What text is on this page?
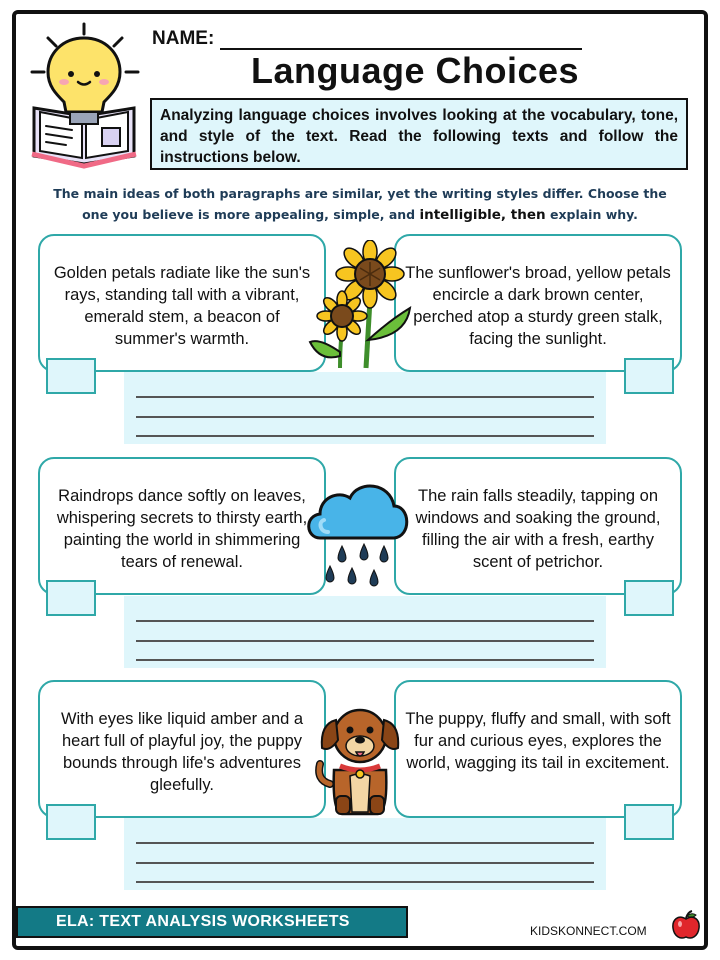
NAME:
Language Choices
Analyzing language choices involves looking at the vocabulary, tone, and style of the text. Read the following texts and follow the instructions below.
The main ideas of both paragraphs are similar, yet the writing styles differ. Choose the one you believe is more appealing, simple, and intelligible, then explain why.
Golden petals radiate like the sun's rays, standing tall with a vibrant, emerald stem, a beacon of summer's warmth.
The sunflower's broad, yellow petals encircle a dark brown center, perched atop a sturdy green stalk, facing the sunlight.
Raindrops dance softly on leaves, whispering secrets to thirsty earth, painting the world in shimmering tears of renewal.
The rain falls steadily, tapping on windows and soaking the ground, filling the air with a fresh, earthy scent of petrichor.
With eyes like liquid amber and a heart full of playful joy, the puppy bounds through life's adventures gleefully.
The puppy, fluffy and small, with soft fur and curious eyes, explores the world, wagging its tail in excitement.
ELA: TEXT ANALYSIS WORKSHEETS
KIDSKONNECT.COM
